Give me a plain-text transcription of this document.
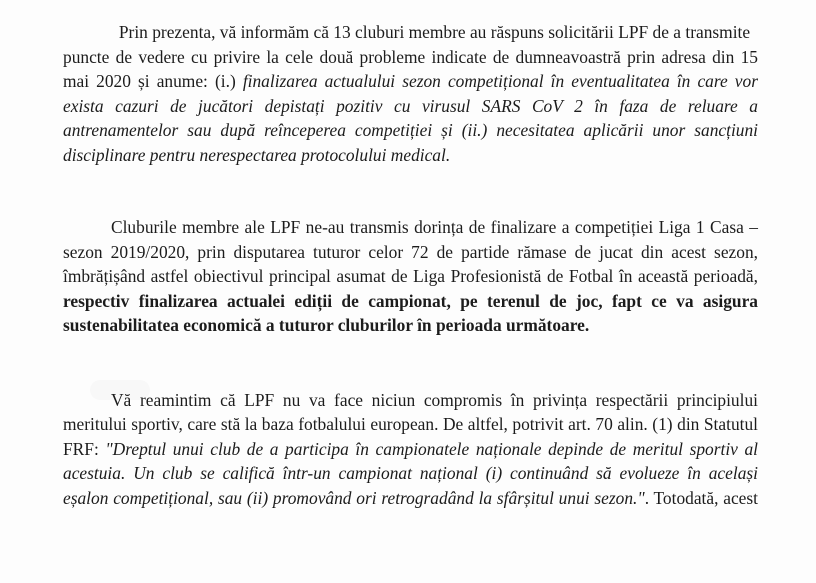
Prin prezenta, vă informăm că 13 cluburi membre au răspuns solicitării LPF de a transmite
puncte de vedere cu privire la cele două probleme indicate de dumneavoastră prin adresa din 15
mai 2020 și anume: (i.) finalizarea actualului sezon competițional în eventualitatea în care vor
exista cazuri de jucători depistați pozitiv cu virusul SARS CoV 2 în faza de reluare a
antrenamentelor sau după reînceperea competiției și (ii.) necesitatea aplicării unor sancțiuni
disciplinare pentru nerespectarea protocolului medical.
Cluburile membre ale LPF ne-au transmis dorința de finalizare a competiției Liga 1 Casa –
sezon 2019/2020, prin disputarea tuturor celor 72 de partide rămase de jucat din acest sezon,
îmbrățișând astfel obiectivul principal asumat de Liga Profesionistă de Fotbal în această perioadă,
respectiv finalizarea actualei ediții de campionat, pe terenul de joc, fapt ce va asigura
sustenabilitatea economică a tuturor cluburilor în perioada următoare.
Vă reamintim că LPF nu va face niciun compromis în privința respectării principiului
meritului sportiv, care stă la baza fotbalului european. De altfel, potrivit art. 70 alin. (1) din Statutul
FRF: "Dreptul unui club de a participa în campionatele naționale depinde de meritul sportiv al
acestuia. Un club se califică într-un campionat național (i) continuând să evolueze în același
eșalon competițional, sau (ii) promovând ori retrogradând la sfârșitul unui sezon.". Totodată, acest
